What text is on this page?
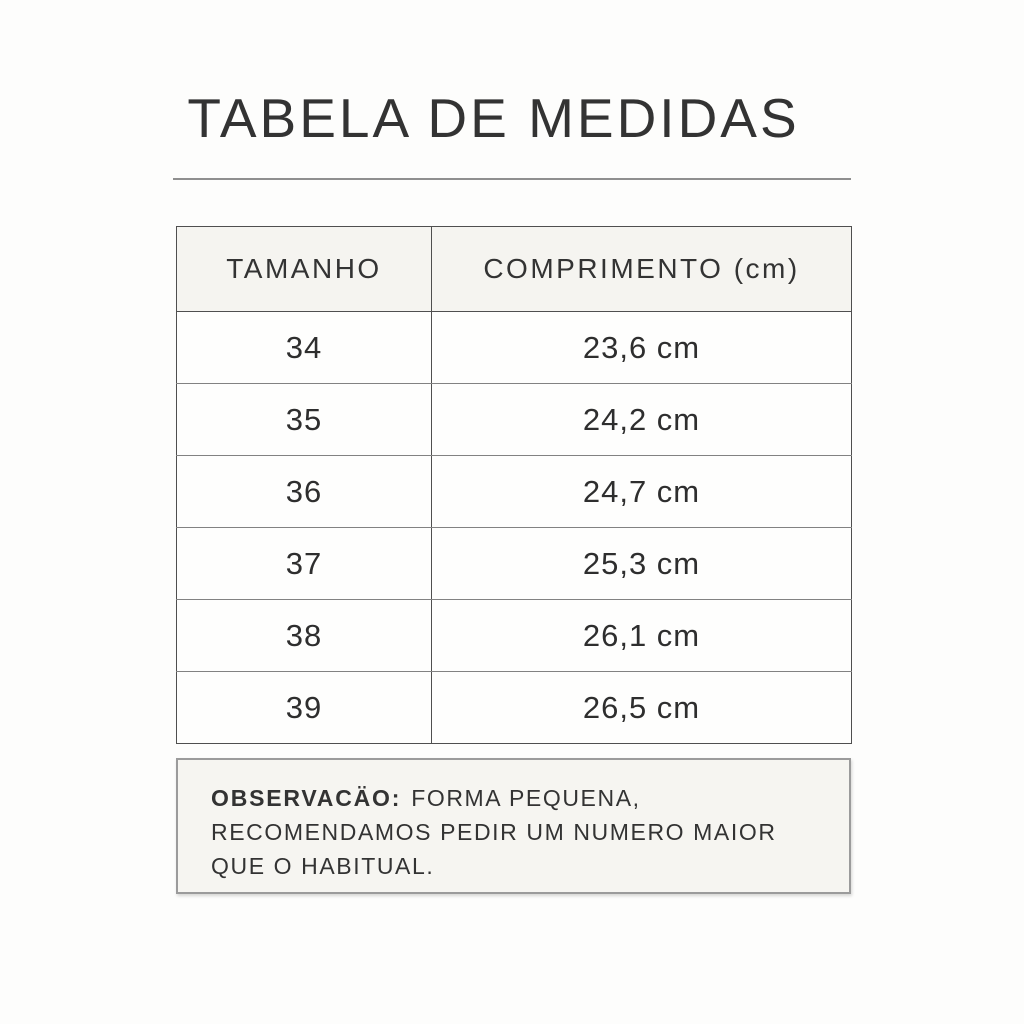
TABELA DE MEDIDAS
TAMANHO	COMPRIMENTO (cm)
34	23,6 cm
35	24,2 cm
36	24,7 cm
37	25,3 cm
38	26,1 cm
39	26,5 cm

OBSERVACÄO: FORMA PEQUENA,

RECOMENDAMOS PEDIR UM NUMERO MAIOR

QUE O HABITUAL.
